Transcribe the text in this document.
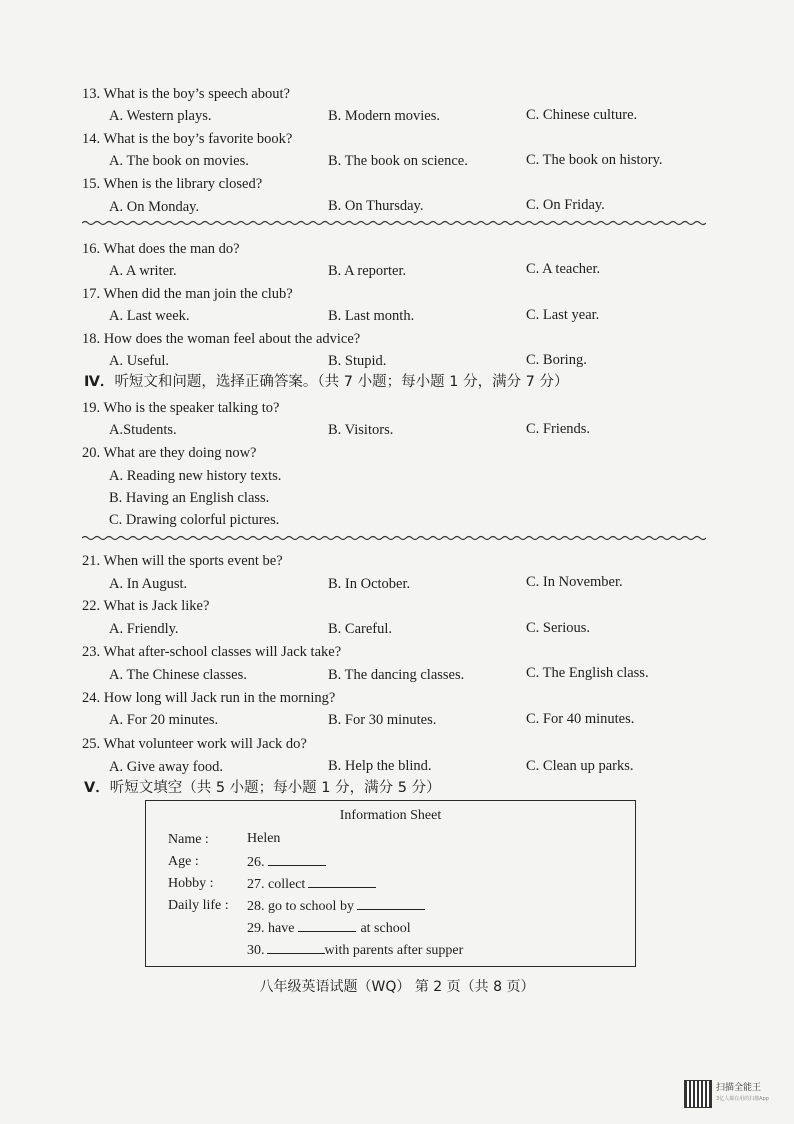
13. What is the boy’s speech about?
A. Western plays.	B. Modern movies.	C. Chinese culture.
14. What is the boy’s favorite book?
A. The book on movies.	B. The book on science.	C. The book on history.
15. When is the library closed?
A. On Monday.	B. On Thursday.	C. On Friday.
16. What does the man do?
A. A writer.	B. A reporter.	C. A teacher.
17. When did the man join the club?
A. Last week.	B. Last month.	C. Last year.
18. How does the woman feel about the advice?
A. Useful.	B. Stupid.	C. Boring.
Ⅳ．听短文和问题，选择正确答案。（共 7 小题；每小题 1 分，满分 7 分）
19. Who is the speaker talking to?
A.Students.	B. Visitors.	C. Friends.
20. What are they doing now?
A. Reading new history texts.
B. Having an English class.
C. Drawing colorful pictures.
21. When will the sports event be?
A. In August.	B. In October.	C. In November.
22. What is Jack like?
A. Friendly.	B. Careful.	C. Serious.
23. What after-school classes will Jack take?
A. The Chinese classes.	B. The dancing classes.	C. The English class.
24. How long will Jack run in the morning?
A. For 20 minutes.	B. For 30 minutes.	C. For 40 minutes.
25. What volunteer work will Jack do?
A. Give away food.	B. Help the blind.	C. Clean up parks.
Ⅴ．听短文填空（共 5 小题；每小题 1 分，满分 5 分）
Information Sheet
Name :	Helen
Age :	26.
Hobby : 27. collect
Daily life : 28. go to school by
29. have	at school
30.	with parents after supper
八年级英语试题（WQ） 第 2 页（共 8 页）
扫描全能王
3亿人都在用的扫描App
